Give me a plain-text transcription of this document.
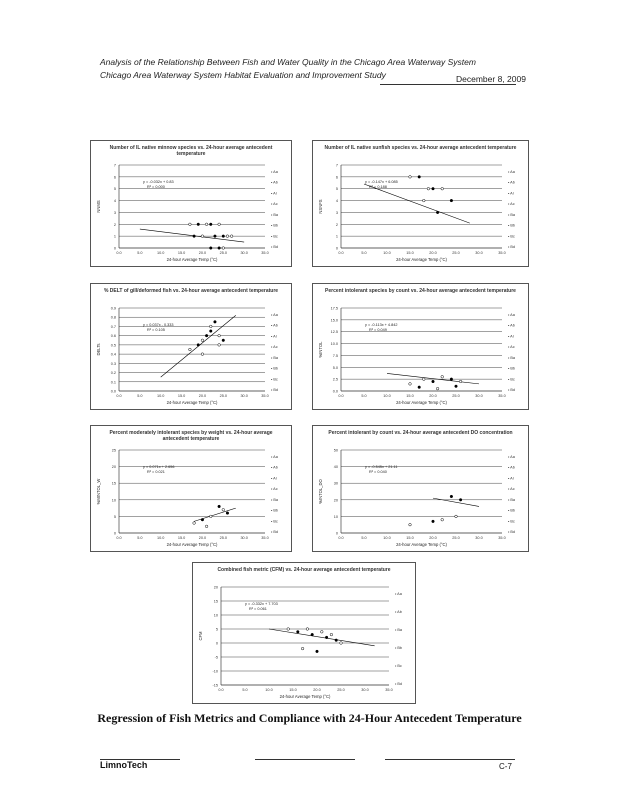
Analysis of the Relationship Between Fish and Water Quality in the Chicago Area Waterway System
Chicago Area Waterway System Habitat Evaluation and Improvement Study	December 8, 2009
Number of IL native minnow species vs. 24-hour average antecedent temperature
0
1
2
3
4
5
6
7
0.0	5.0	10.0	15.0	20.0	25.0	30.0	35.0
24-hour Average Temp (°C)
NNMS
• Aa
• Ab
• Al
• Ac
• Ba
• Bb
• Bc
• Bd
y = -0.032x + 0.83
R² = 0.000
Number of IL native sunfish species vs. 24-hour average antecedent temperature
0
1
2
3
4
5
6
7
0.0	5.0	10.0	15.0	20.0	25.0	30.0	35.0
24-hour Average Temp (°C)
NSNFS
• Aa
• Ab
• Al
• Ac
• Ba
• Bb
• Bc
• Bd
y = -0.147x + 6.085
R² = 0.188
% DELT of gill/deformed fish vs. 24-hour average antecedent temperature
0.0
0.1
0.2
0.3
0.4
0.5
0.6
0.7
0.8
0.9
0.0	5.0	10.0	15.0	20.0	25.0	30.0	35.0
24-hour Average Temp (°C)
DELTs
• Aa
• Ab
• Al
• Ac
• Ba
• Bb
• Bc
• Bd
y = 0.037x - 0.333
R² = 0.105
Percent intolerant species by count vs. 24-hour average antecedent temperature
0.0
2.5
5.0
7.5
10.0
12.5
15.0
17.5
0.0	5.0	10.0	15.0	20.0	25.0	30.0	35.0
24-hour Average Temp (°C)
%INTOL
• Aa
• Ab
• Al
• Ac
• Ba
• Bb
• Bc
• Bd
y = -0.113x + 4.842
R² = 0.049
Percent moderately intolerant species by weight vs. 24-hour average antecedent temperature
0
5
10
15
20
25
0.0	5.0	10.0	15.0	20.0	25.0	30.0	35.0
24-hour Average Temp (°C)
%MINTOL_W
• Aa
• Ab
• Al
• Ac
• Ba
• Bb
• Bc
• Bd
y = 0.071x + 2.656
R² = 0.021
Percent intolerant by count vs. 24-hour average antecedent DO concentration
0
10
20
30
40
50
0.0	5.0	10.0	15.0	20.0	25.0	30.0	35.0
24-hour Average Temp (°C)
%INTOL_DO
• Aa
• Ab
• Al
• Ac
• Ba
• Bb
• Bc
• Bd
y = -0.545x + 21.11
R² = 0.040
Combined fish metric (CFM) vs. 24-hour average antecedent temperature
-15
-10
-5
0
5
10
15
20
0.0	5.0	10.0	15.0	20.0	25.0	30.0	35.0
24-hour Average Temp (°C)
CFM
• Aa
• Ab
• Ba
• Bb
• Bc
• Bd
y = -0.332x + 7.703
R² = 0.061
Regression of Fish Metrics and Compliance with 24-Hour Antecedent Temperature
LimnoTech	C-7
